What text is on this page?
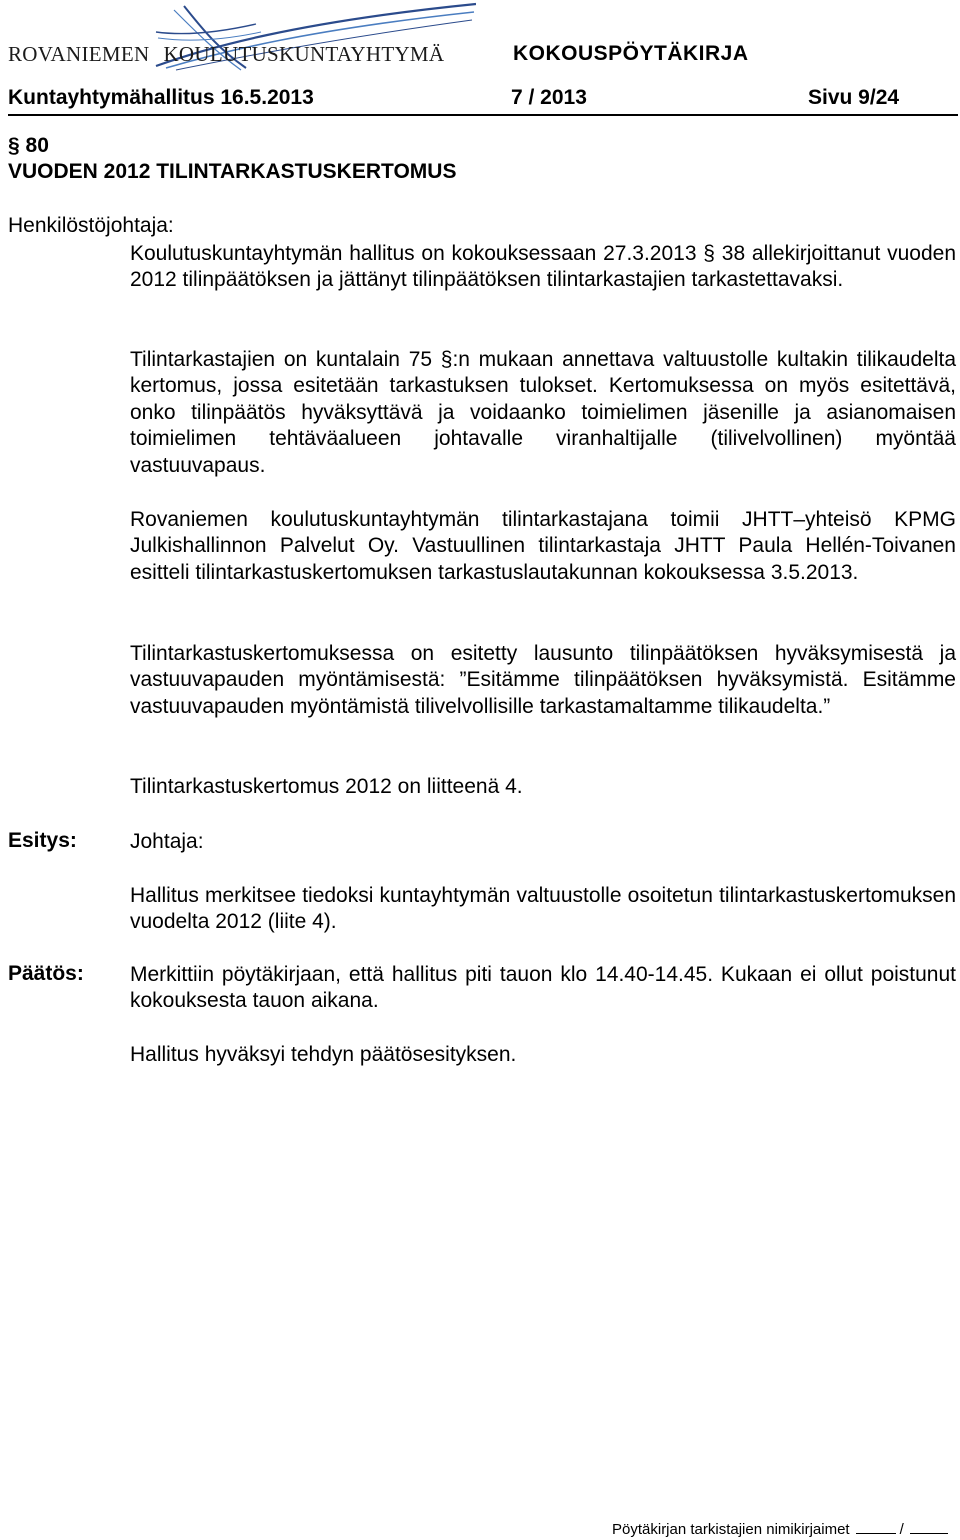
ROVANIEMEN KOULUTUSKUNTAYHTYMÄ	KOKOUSPÖYTÄKIRJA
Kuntayhtymähallitus 16.5.2013	7 / 2013	Sivu 9/24
§ 80
VUODEN 2012 TILINTARKASTUSKERTOMUS
Henkilöstöjohtaja:
Koulutuskuntayhtymän hallitus on kokouksessaan 27.3.2013 § 38 allekirjoittanut vuoden 2012 tilinpäätöksen ja jättänyt tilinpäätöksen tilintarkastajien tarkastettavaksi.
Tilintarkastajien on kuntalain 75 §:n mukaan annettava valtuustolle kultakin tilikaudelta kertomus, jossa esitetään tarkastuksen tulokset. Kertomuksessa on myös esitettävä, onko tilinpäätös hyväksyttävä ja voidaanko toimielimen jäsenille ja asianomaisen toimielimen tehtäväalueen johtavalle viranhaltijalle (tilivelvollinen) myöntää vastuuvapaus.
Rovaniemen koulutuskuntayhtymän tilintarkastajana toimii JHTT–yhteisö KPMG Julkishallinnon Palvelut Oy. Vastuullinen tilintarkastaja JHTT Paula Hellén-Toivanen esitteli tilintarkastuskertomuksen tarkastuslautakunnan kokouksessa 3.5.2013.
Tilintarkastuskertomuksessa on esitetty lausunto tilinpäätöksen hyväksymisestä ja vastuuvapauden myöntämisestä: ”Esitämme tilinpäätöksen hyväksymistä. Esitämme vastuuvapauden myöntämistä tilivelvollisille tarkastamaltamme tilikaudelta.”
Tilintarkastuskertomus 2012 on liitteenä 4.
Esitys:	Johtaja:
Hallitus merkitsee tiedoksi kuntayhtymän valtuustolle osoitetun tilintarkastuskertomuksen vuodelta 2012 (liite 4).
Päätös: Merkittiin pöytäkirjaan, että hallitus piti tauon klo 14.40-14.45. Kukaan ei ollut poistunut kokouksesta tauon aikana.
Hallitus hyväksyi tehdyn päätösesityksen.
Pöytäkirjan tarkistajien nimikirjaimet	/
